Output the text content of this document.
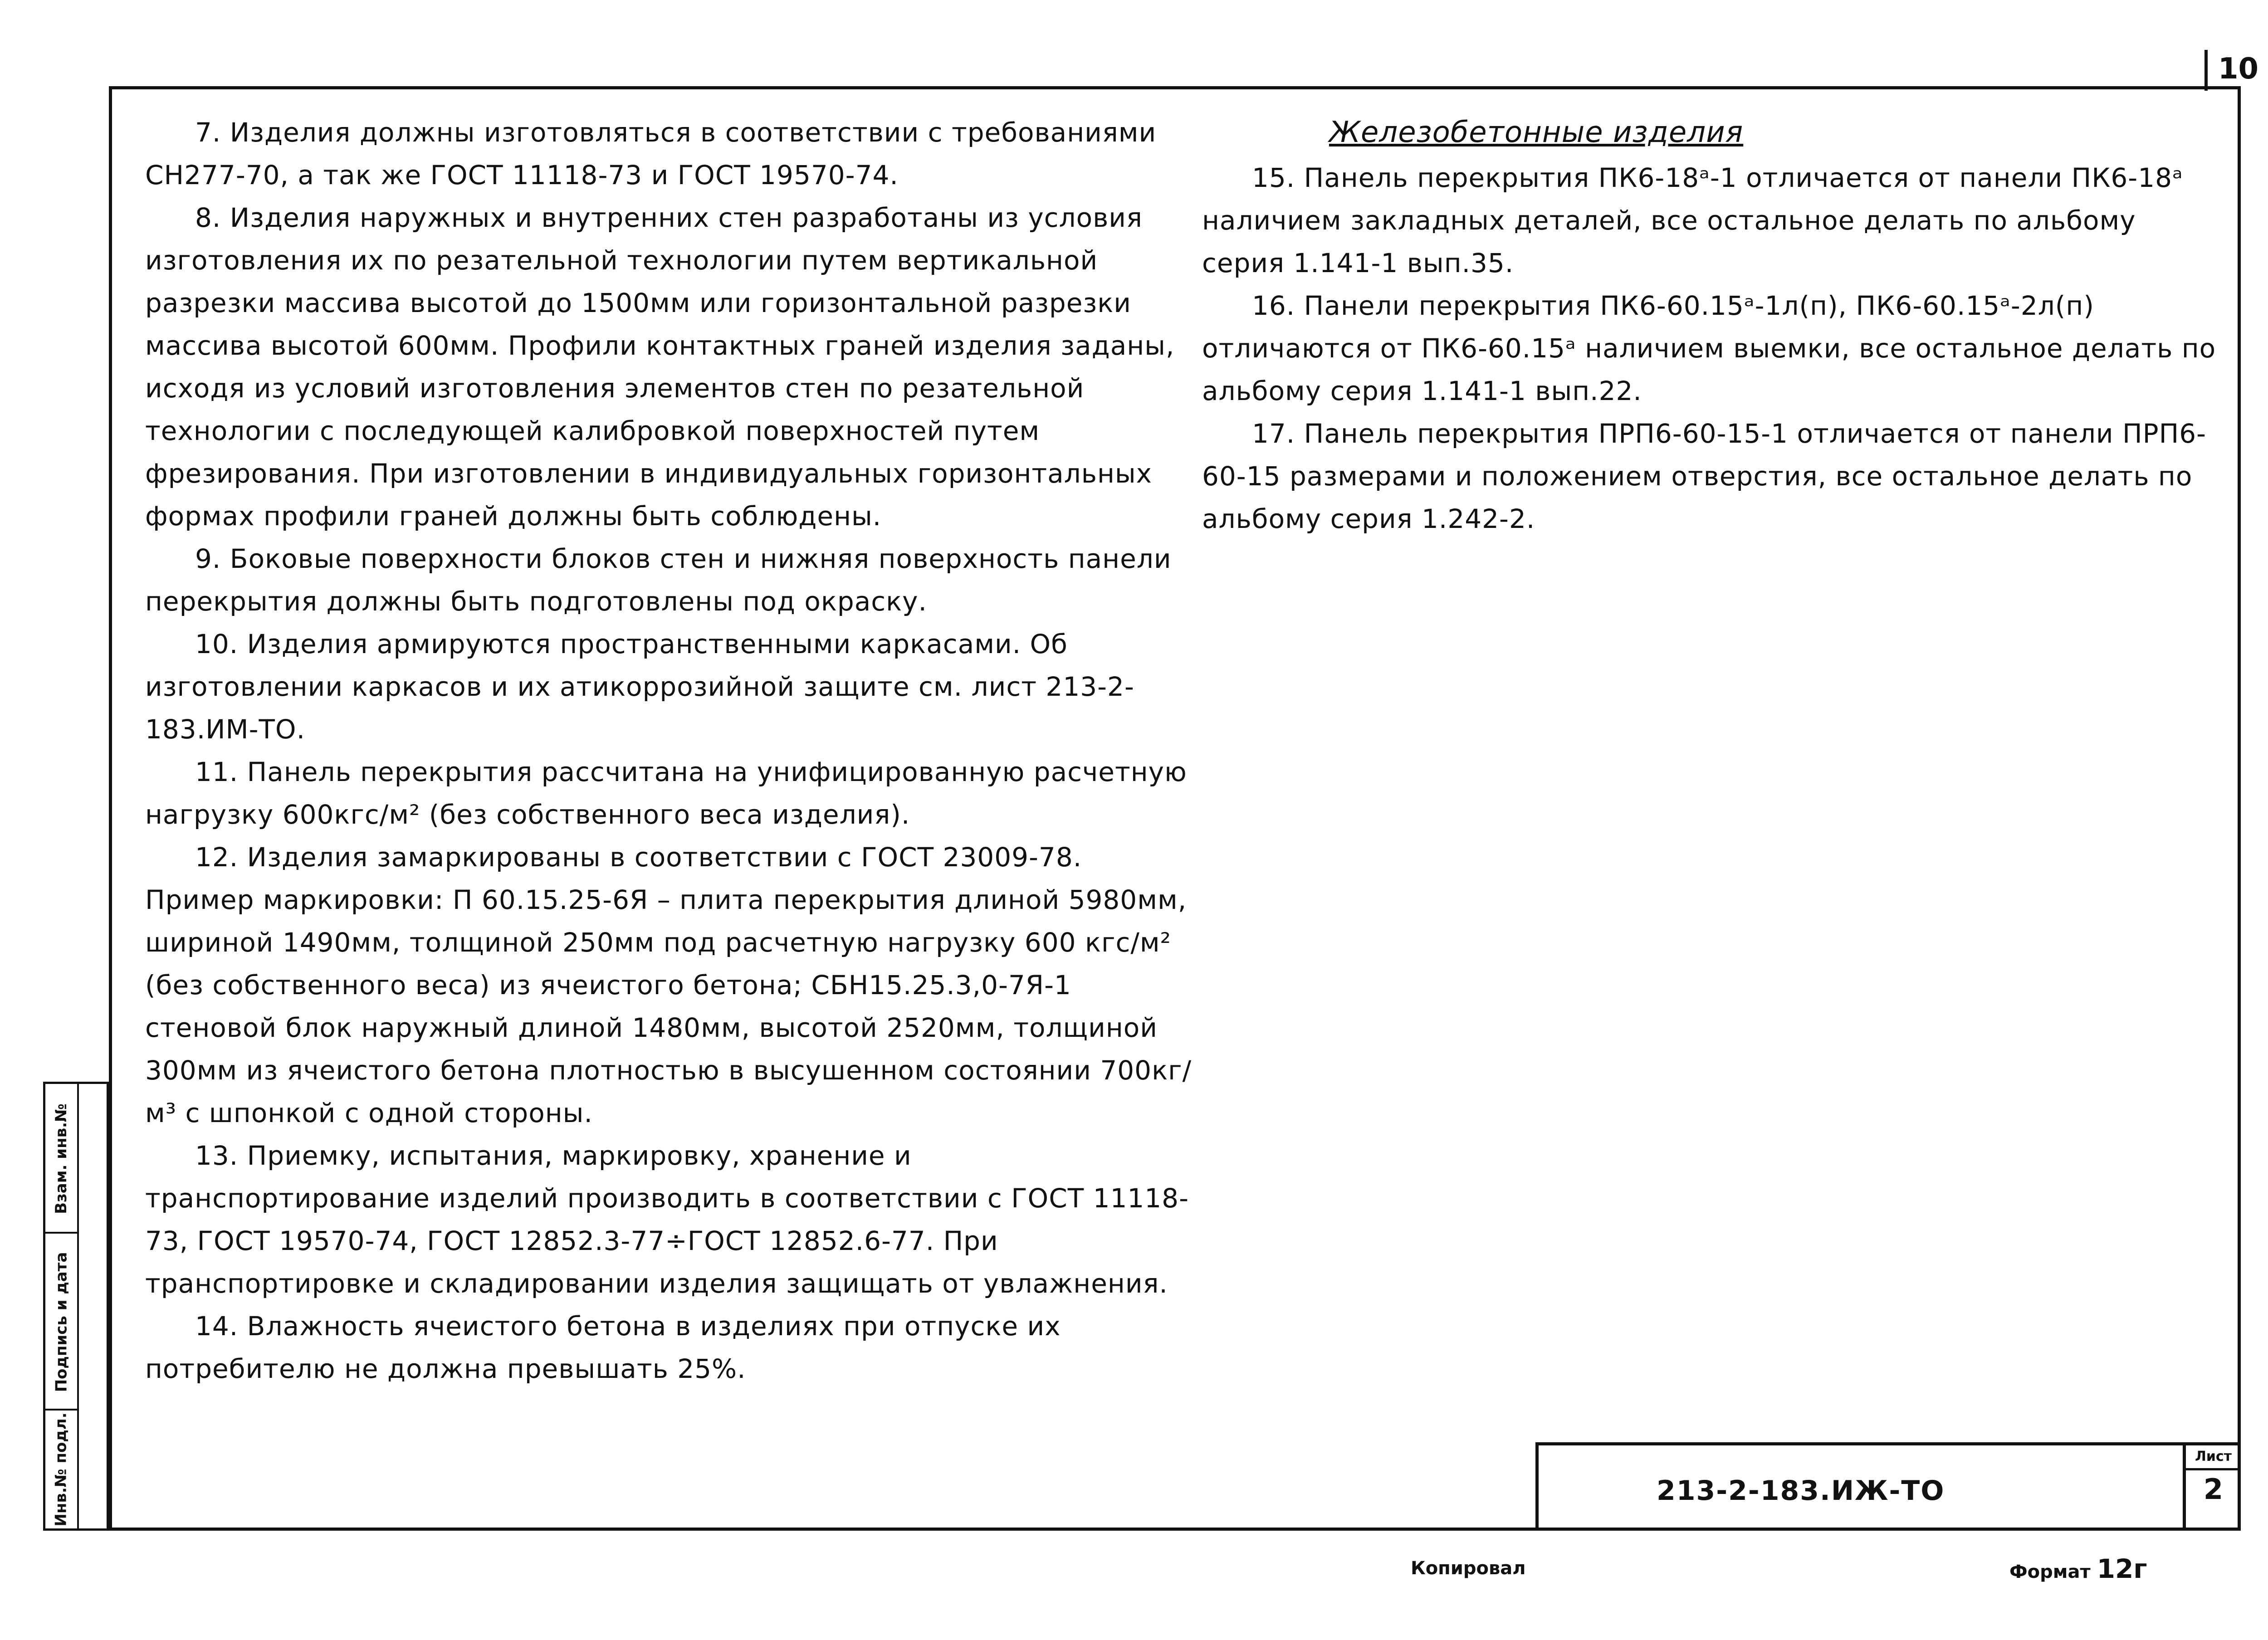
10

7. Изделия должны изготовляться в соответствии с требованиями СН277-70, а так же ГОСТ 11118-73 и ГОСТ 19570-74.

8. Изделия наружных и внутренних стен разработаны из условия изготовления их по резательной технологии путем вертикальной разрезки массива высотой до 1500мм или горизонтальной разрезки массива высотой 600мм. Профили контактных граней изделия заданы, исходя из условий изготовления элементов стен по резательной технологии с последующей калибровкой поверхностей путем фрезирования. При изготовлении в индивидуальных горизонтальных формах профили граней должны быть соблюдены.

9. Боковые поверхности блоков стен и нижняя поверхность панели перекрытия должны быть подготовлены под окраску.

10. Изделия армируются пространственными каркасами. Об изготовлении каркасов и их атикоррозийной защите см. лист 213-2-183.ИМ-ТО.

11. Панель перекрытия рассчитана на унифицированную расчетную нагрузку 600кгс/м² (без собственного веса изделия).

12. Изделия замаркированы в соответствии с ГОСТ 23009-78. Пример маркировки: П 60.15.25-6Я – плита перекрытия длиной 5980мм, шириной 1490мм, толщиной 250мм под расчетную нагрузку 600 кгс/м² (без собственного веса) из ячеистого бетона; СБН15.25.3,0-7Я-1 стеновой блок наружный длиной 1480мм, высотой 2520мм, толщиной 300мм из ячеистого бетона плотностью в высушенном состоянии 700кг/м³ с шпонкой с одной стороны.

13. Приемку, испытания, маркировку, хранение и транспортирование изделий производить в соответствии с ГОСТ 11118-73, ГОСТ 19570-74, ГОСТ 12852.3-77÷ГОСТ 12852.6-77. При транспортировке и складировании изделия защищать от увлажнения.

14. Влажность ячеистого бетона в изделиях при отпуске их потребителю не должна превышать 25%.

Железобетонные изделия

15. Панель перекрытия ПК6-18ᵃ-1 отличается от панели ПК6-18ᵃ наличием закладных деталей, все остальное делать по альбому серия 1.141-1 вып.35.

16. Панели перекрытия ПК6-60.15ᵃ-1л(п), ПК6-60.15ᵃ-2л(п) отличаются от ПК6-60.15ᵃ наличием выемки, все остальное делать по альбому серия 1.141-1 вып.22.

17. Панель перекрытия ПРП6-60-15-1 отличается от панели ПРП6-60-15 размерами и положением отверстия, все остальное делать по альбому серия 1.242-2.

Взам. инв.№
Подпись и дата
Инв.№ подл.	213-2-183.ИЖ-ТО
Лист
2
Копировал	Формат 12г
